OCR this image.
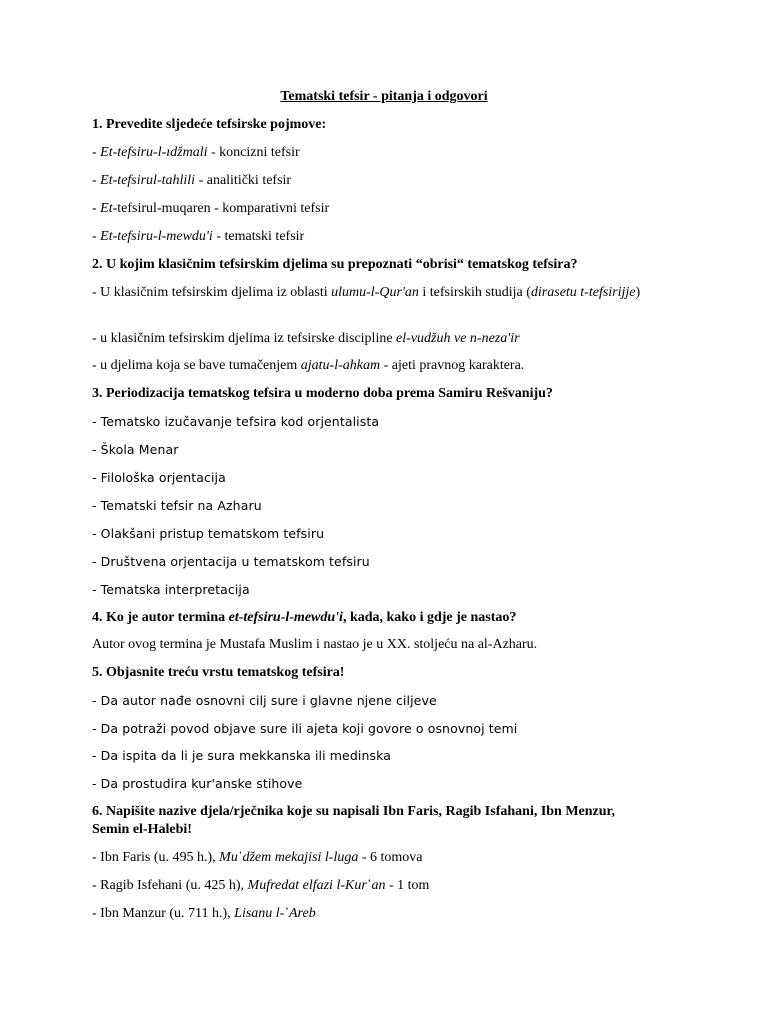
Tematski tefsir - pitanja i odgovori
1. Prevedite sljedeće tefsirske pojmove:
- Et-tefsiru-l-ıdžmali - koncizni tefsir
- Et-tefsirul-tahlili - analitički tefsir
- Et-tefsirul-muqaren - komparativni tefsir
- Et-tefsiru-l-mewdu'i - tematski tefsir
2. U kojim klasičnim tefsirskim djelima su prepoznati “obrisi“ tematskog tefsira?
- U klasičnim tefsirskim djelima iz oblasti ulumu-l-Qur'an i tefsirskih studija (dirasetu t-tefsirijje)
- u klasičnim tefsirskim djelima iz tefsirske discipline el-vudžuh ve n-neza'ir
- u djelima koja se bave tumačenjem ajatu-l-ahkam - ajeti pravnog karaktera.
3. Periodizacija tematskog tefsira u moderno doba prema Samiru Rešvaniju?
- Tematsko izučavanje tefsira kod orjentalista
- Škola Menar
- Filološka orjentacija
- Tematski tefsir na Azharu
- Olakšani pristup tematskom tefsiru
- Društvena orjentacija u tematskom tefsiru
- Tematska interpretacija
4. Ko je autor termina et-tefsiru-l-mewdu'i, kada, kako i gdje je nastao?
Autor ovog termina je Mustafa Muslim i nastao je u XX. stoljeću na al-Azharu.
5. Objasnite treću vrstu tematskog tefsira!
- Da autor nađe osnovni cilj sure i glavne njene ciljeve
- Da potraži povod objave sure ili ajeta koji govore o osnovnoj temi
- Da ispita da li je sura mekkanska ili medinska
- Da prostudira kur'anske stihove
6. Napišite nazive djela/rječnika koje su napisali Ibn Faris, Ragib Isfahani, Ibn Menzur,
Semin el-Halebi!
- Ibn Faris (u. 495 h.), Mu῾džem mekajisi l-luga - 6 tomova
- Ragib Isfehani (u. 425 h), Mufredat elfazi l-Kur῾an - 1 tom
- Ibn Manzur (u. 711 h.), Lisanu l-῾Areb
